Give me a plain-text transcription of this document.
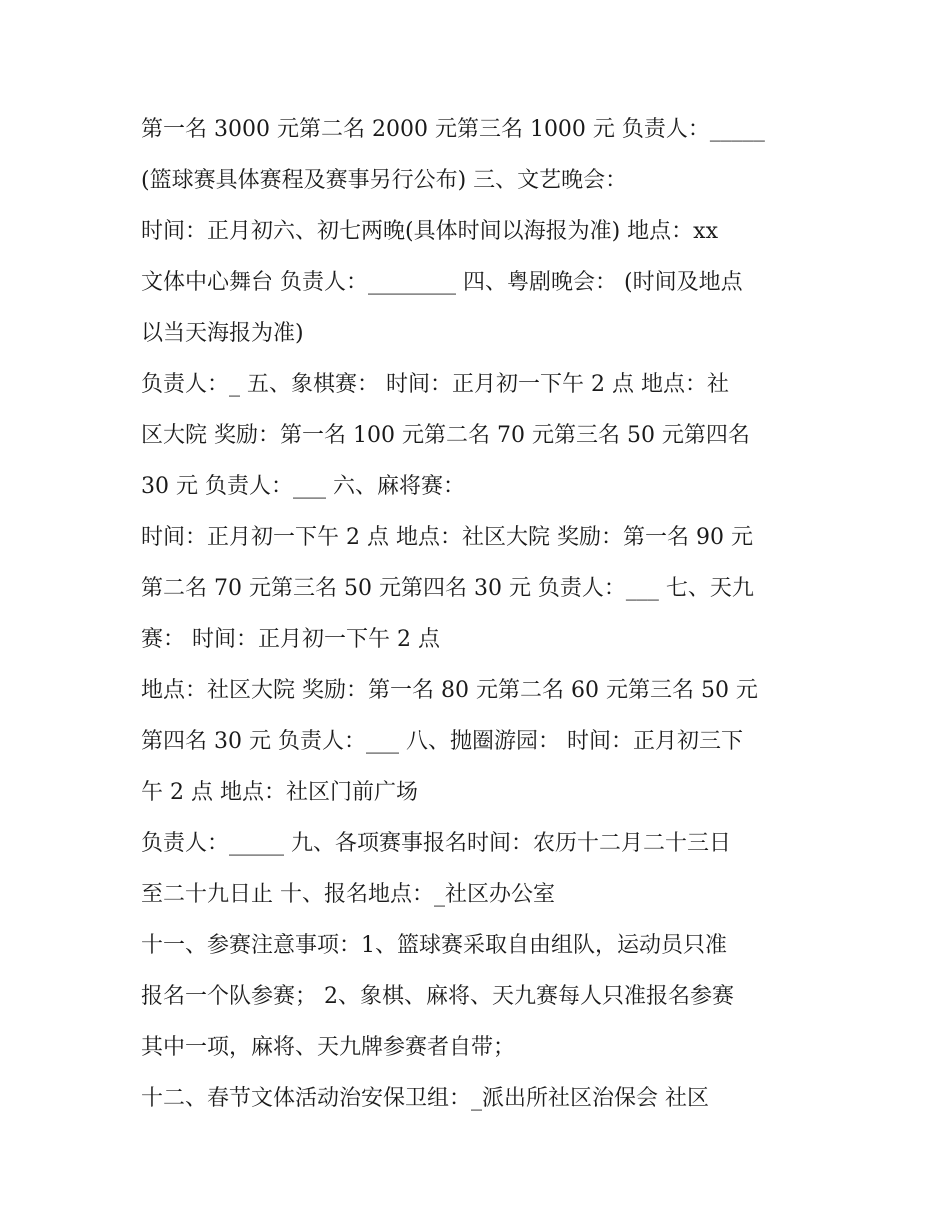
第一名 3000 元第二名 2000 元第三名 1000 元 负责人：_____
(篮球赛具体赛程及赛事另行公布) 三、文艺晚会：
时间：正月初六、初七两晚(具体时间以海报为准) 地点：xx
文体中心舞台 负责人：________ 四、粤剧晚会： (时间及地点
以当天海报为准)
负责人：_ 五、象棋赛： 时间：正月初一下午 2 点 地点：社
区大院 奖励：第一名 100 元第二名 70 元第三名 50 元第四名
30 元 负责人：___ 六、麻将赛：
时间：正月初一下午 2 点 地点：社区大院 奖励：第一名 90 元
第二名 70 元第三名 50 元第四名 30 元 负责人：___ 七、天九
赛： 时间：正月初一下午 2 点
地点：社区大院 奖励：第一名 80 元第二名 60 元第三名 50 元
第四名 30 元 负责人：___ 八、抛圈游园： 时间：正月初三下
午 2 点 地点：社区门前广场
负责人：_____ 九、各项赛事报名时间：农历十二月二十三日
至二十九日止 十、报名地点：_社区办公室
十一、参赛注意事项：1、篮球赛采取自由组队，运动员只准
报名一个队参赛； 2、象棋、麻将、天九赛每人只准报名参赛
其中一项，麻将、天九牌参赛者自带；
十二、春节文体活动治安保卫组：_派出所社区治保会 社区
